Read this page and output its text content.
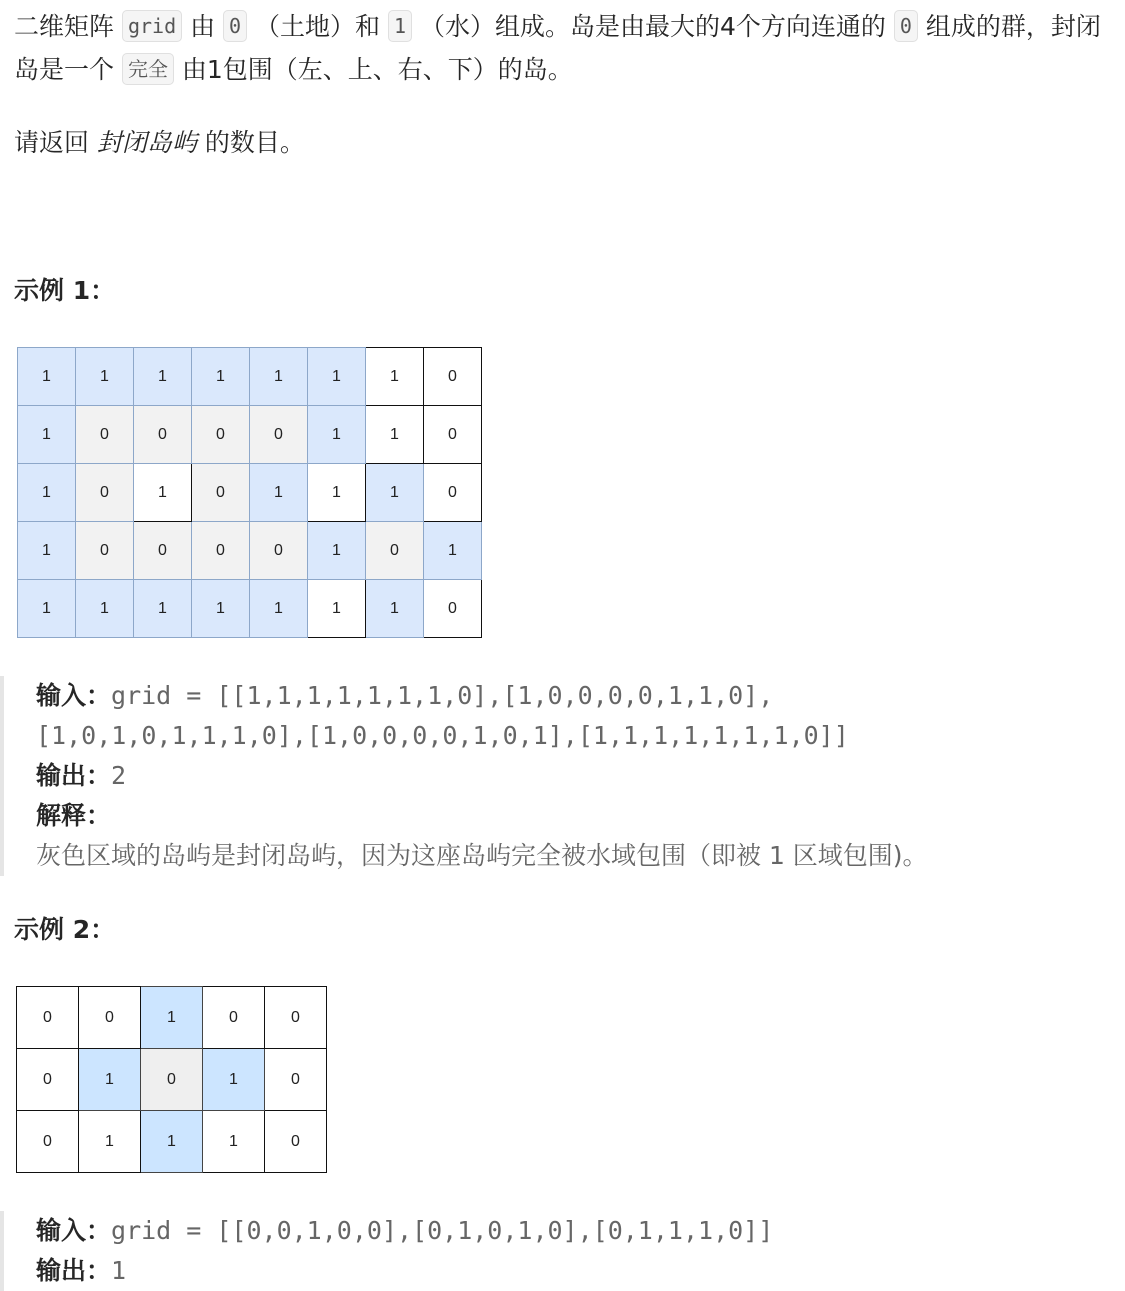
二维矩阵 grid 由 0 （土地）和 1 （水）组成。岛是由最大的4个方向连通的 0 组成的群，封闭岛是一个 完全 由1包围（左、上、右、下）的岛。

请返回 封闭岛屿 的数目。

示例 1：

1	1	1	1	1	1	1	0
1	0	0	0	0	1	1	0
1	0	1	0	1	1	1	0
1	0	0	0	0	1	0	1
1	1	1	1	1	1	1	0

输入：grid = [[1,1,1,1,1,1,1,0],[1,0,0,0,0,1,1,0],

[1,0,1,0,1,1,1,0],[1,0,0,0,0,1,0,1],[1,1,1,1,1,1,1,0]]

输出：2

解释：

灰色区域的岛屿是封闭岛屿，因为这座岛屿完全被水域包围（即被 1 区域包围)。

示例 2：

0	0	1	0	0
0	1	0	1	0
0	1	1	1	0

输入：grid = [[0,0,1,0,0],[0,1,0,1,0],[0,1,1,1,0]]

输出：1
